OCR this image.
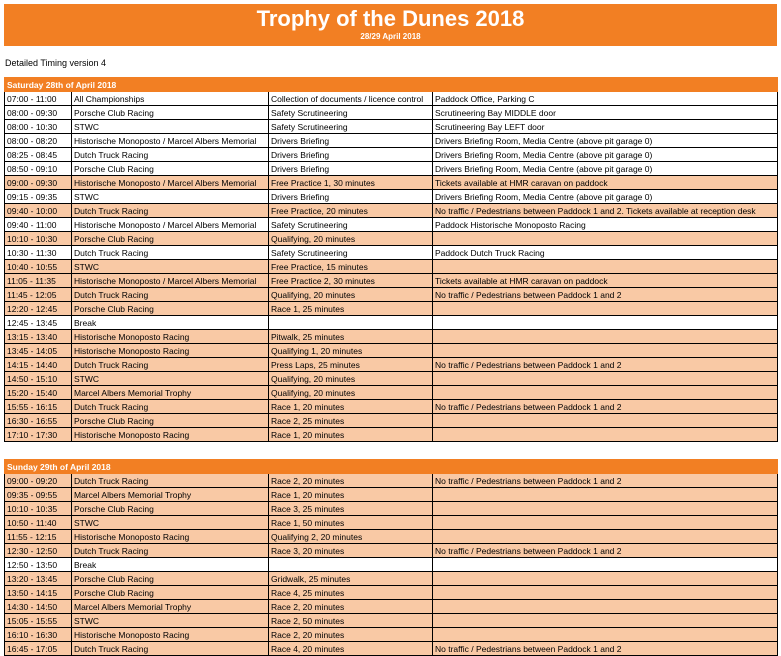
Trophy of the Dunes 2018
28/29 April 2018
Detailed Timing version 4
Saturday 28th of April 2018			
07:00 - 11:00	All Championships	Collection of documents / licence control	Paddock Office, Parking C
08:00 - 09:30	Porsche Club Racing	Safety Scrutineering	Scrutineering Bay MIDDLE door
08:00 - 10:30	STWC	Safety Scrutineering	Scrutineering Bay LEFT door
08:00 - 08:20	Historische Monoposto / Marcel Albers Memorial	Drivers Briefing	Drivers Briefing Room, Media Centre (above pit garage 0)
08:25 - 08:45	Dutch Truck Racing	Drivers Briefing	Drivers Briefing Room, Media Centre (above pit garage 0)
08:50 - 09:10	Porsche Club Racing	Drivers Briefing	Drivers Briefing Room, Media Centre (above pit garage 0)
09:00 - 09:30	Historische Monoposto / Marcel Albers Memorial	Free Practice 1, 30 minutes	Tickets available at HMR caravan on paddock
09:15 - 09:35	STWC	Drivers Briefing	Drivers Briefing Room, Media Centre (above pit garage 0)
09:40 - 10:00	Dutch Truck Racing	Free Practice, 20 minutes	No traffic / Pedestrians between Paddock 1 and 2. Tickets available at reception desk
09:40 - 11:00	Historische Monoposto / Marcel Albers Memorial	Safety Scrutineering	Paddock Historische Monoposto Racing
10:10 - 10:30	Porsche Club Racing	Qualifying, 20 minutes	
10:30 - 11:30	Dutch Truck Racing	Safety Scrutineering	Paddock Dutch Truck Racing
10:40 - 10:55	STWC	Free Practice, 15 minutes	
11:05 - 11:35	Historische Monoposto / Marcel Albers Memorial	Free Practice 2, 30 minutes	Tickets available at HMR caravan on paddock
11:45 - 12:05	Dutch Truck Racing	Qualifying, 20 minutes	No traffic / Pedestrians between Paddock 1 and 2
12:20 - 12:45	Porsche Club Racing	Race 1, 25 minutes	
12:45 - 13:45	Break		
13:15 - 13:40	Historische Monoposto Racing	Pitwalk, 25 minutes	
13:45 - 14:05	Historische Monoposto Racing	Qualifying 1, 20 minutes	
14:15 - 14:40	Dutch Truck Racing	Press Laps, 25 minutes	No traffic / Pedestrians between Paddock 1 and 2
14:50 - 15:10	STWC	Qualifying, 20 minutes	
15:20 - 15:40	Marcel Albers Memorial Trophy	Qualifying, 20 minutes	
15:55 - 16:15	Dutch Truck Racing	Race 1, 20 minutes	No traffic / Pedestrians between Paddock 1 and 2
16:30 - 16:55	Porsche Club Racing	Race 2, 25 minutes	
17:10 - 17:30	Historische Monoposto Racing	Race 1, 20 minutes	
Sunday 29th of April 2018			
09:00 - 09:20	Dutch Truck Racing	Race 2, 20 minutes	No traffic / Pedestrians between Paddock 1 and 2
09:35 - 09:55	Marcel Albers Memorial Trophy	Race 1, 20 minutes	
10:10 - 10:35	Porsche Club Racing	Race 3, 25 minutes	
10:50 - 11:40	STWC	Race 1, 50 minutes	
11:55 - 12:15	Historische Monoposto Racing	Qualifying 2, 20 minutes	
12:30 - 12:50	Dutch Truck Racing	Race 3, 20 minutes	No traffic / Pedestrians between Paddock 1 and 2
12:50 - 13:50	Break		
13:20 - 13:45	Porsche Club Racing	Gridwalk, 25 minutes	
13:50 - 14:15	Porsche Club Racing	Race 4, 25 minutes	
14:30 - 14:50	Marcel Albers Memorial Trophy	Race 2, 20 minutes	
15:05 - 15:55	STWC	Race 2, 50 minutes	
16:10 - 16:30	Historische Monoposto Racing	Race 2, 20 minutes	
16:45 - 17:05	Dutch Truck Racing	Race 4, 20 minutes	No traffic / Pedestrians between Paddock 1 and 2
